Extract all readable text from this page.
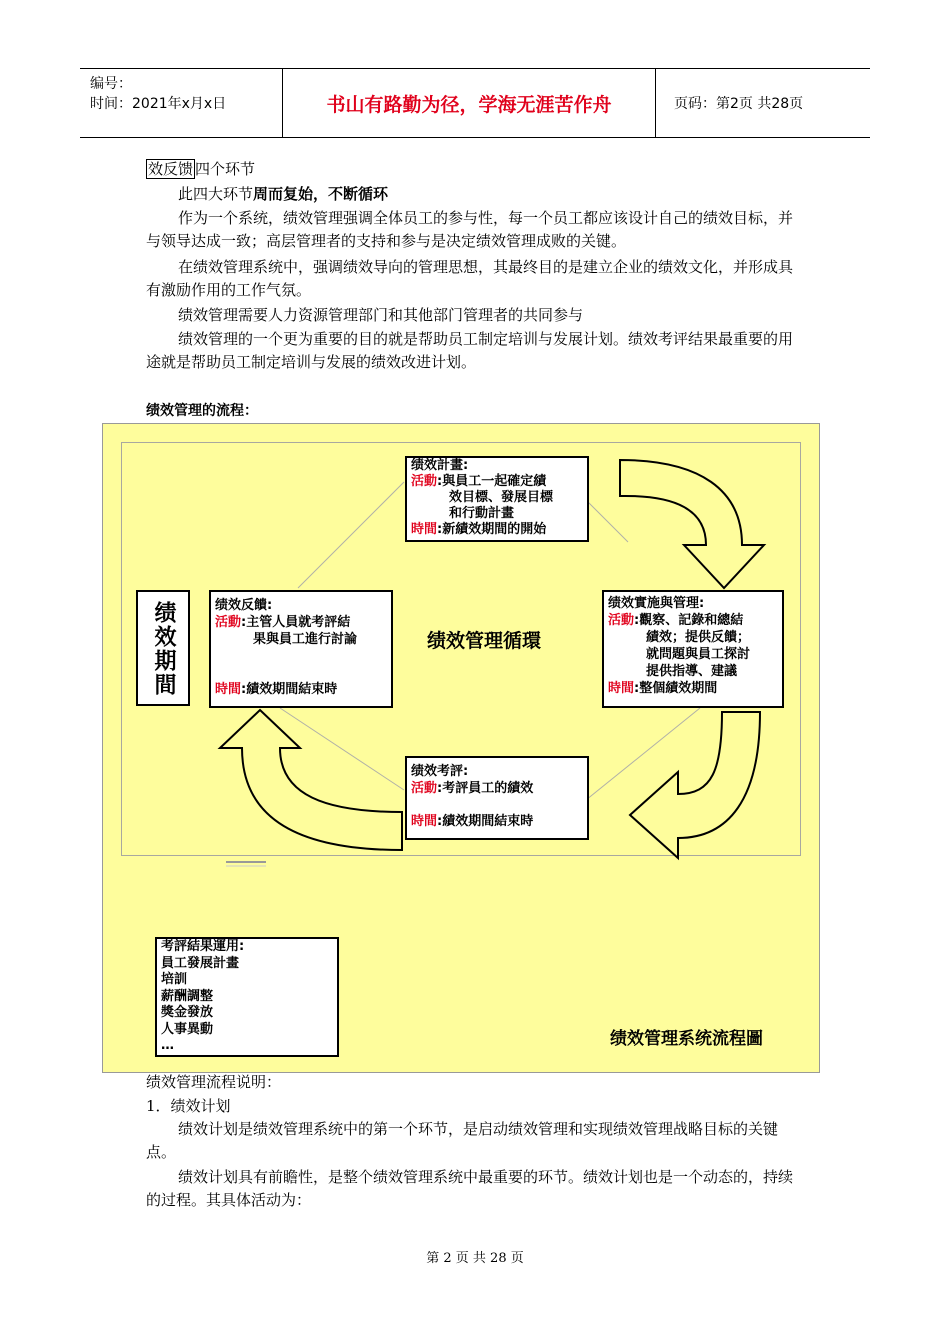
编号：
时间：2021年x月x日	书山有路勤为径，学海无涯苦作舟	页码：第2页 共28页
效反馈 四个环节
此四大环节周而复始，不断循环
作为一个系统，绩效管理强调全体员工的参与性，每一个员工都应该设计自己的绩效目标，并与领导达成一致；高层管理者的支持和参与是决定绩效管理成败的关键。
在绩效管理系统中，强调绩效导向的管理思想，其最终目的是建立企业的绩效文化，并形成具有激励作用的工作气氛。
绩效管理需要人力资源管理部门和其他部门管理者的共同参与
绩效管理的一个更为重要的目的就是帮助员工制定培训与发展计划。绩效考评结果最重要的用途就是帮助员工制定培训与发展的绩效改进计划。
绩效管理的流程：
绩效期間
绩效計畫:
活動:與員工一起確定績
效目標、發展目標
和行動計畫
時間:新績效期間的開始
绩效實施與管理:
活動:觀察、記錄和總結
績效；提供反饋；
就問題與員工探討
提供指導、建議
時間:整個績效期間
绩效反饋:
活動:主管人員就考評結
果與員工進行討論
時間:績效期間結束時
绩效考評:
活動:考評員工的績效
時間:績效期間結束時
绩效管理循環
考評結果運用:
員工發展計畫
培訓
薪酬調整
獎金發放
人事異動
…	绩效管理系统流程圖
绩效管理流程说明：
1．绩效计划
绩效计划是绩效管理系统中的第一个环节，是启动绩效管理和实现绩效管理战略目标的关键点。
绩效计划具有前瞻性，是整个绩效管理系统中最重要的环节。绩效计划也是一个动态的，持续的过程。其具体活动为：
第 2 页 共 28 页
